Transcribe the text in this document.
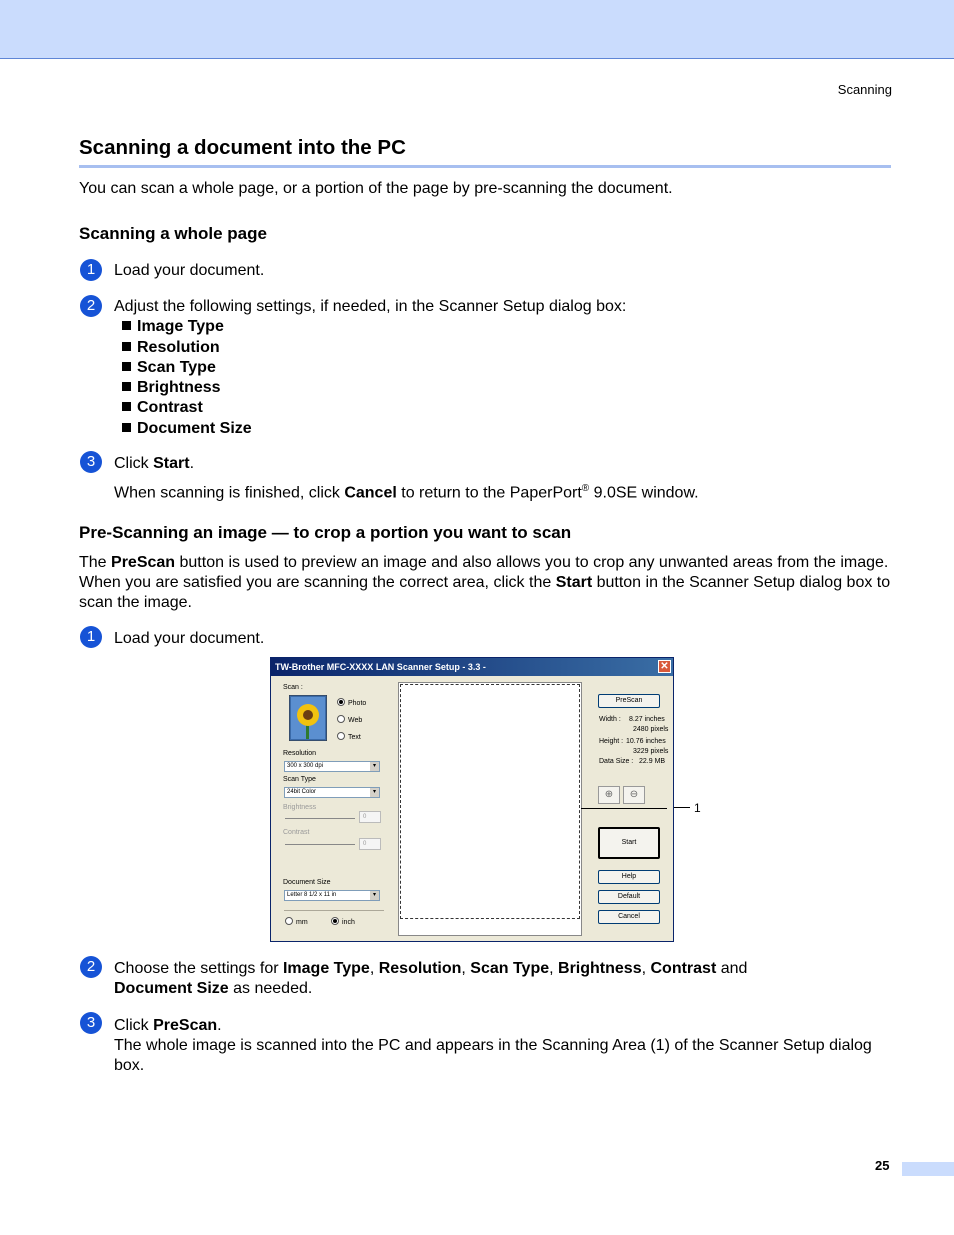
Scanning
Scanning a document into the PC

You can scan a whole page, or a portion of the page by pre-scanning the document.

Scanning a whole page
1	Load your document.

2	Adjust the following settings, if needed, in the Scanner Setup dialog box:

Image Type
Resolution
Scan Type
Brightness
Contrast
Document Size
3	Click Start.

When scanning is finished, click Cancel to return to the PaperPort® 9.0SE window.

Pre-Scanning an image — to crop a portion you want to scan

The PreScan button is used to preview an image and also allows you to crop any unwanted areas from the image. When you are satisfied you are scanning the correct area, click the Start button in the Scanner Setup dialog box to scan the image.

1	Load your document.

TW-Brother MFC-XXXX LAN Scanner Setup - 3.3 -	✕
Scan :
Photo
Web
Text
Resolution
300 x 300 dpi	▾
Scan Type
24bit Color	▾
Brightness
0
Contrast
0
Document Size
Letter 8 1/2 x 11 in	▾
mm	inch
PreScan
Width : 8.27 inches
2480 pixels
Height : 10.76 inches
3229 pixels
Data Size : 22.9 MB
⊕	⊖
Start
Help
Default
Cancel
1
2	Choose the settings for Image Type, Resolution, Scan Type, Brightness, Contrast and Document Size as needed.

3	Click PreScan.

The whole image is scanned into the PC and appears in the Scanning Area (1) of the Scanner Setup dialog box.

25
